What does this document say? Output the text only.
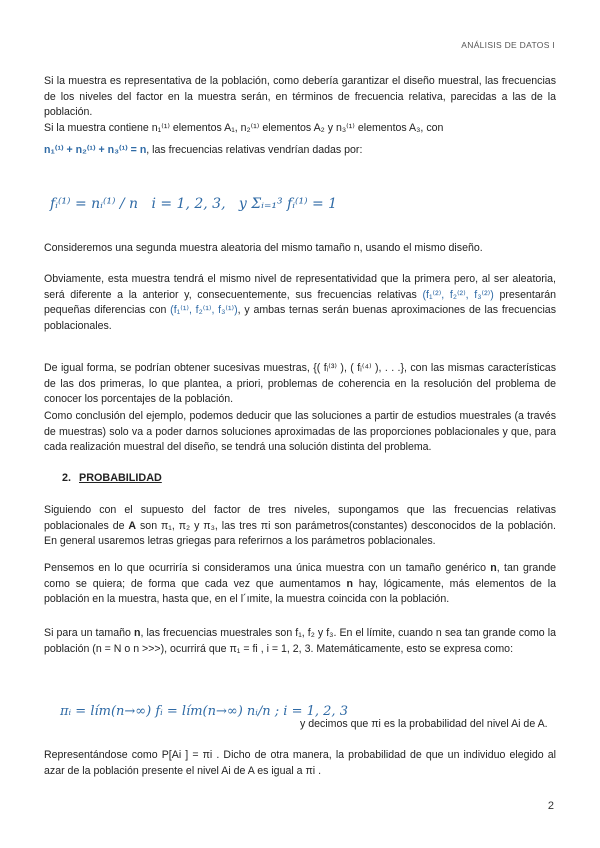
ANÁLISIS DE DATOS I

Si la muestra es representativa de la población, como debería garantizar el diseño muestral, las frecuencias de los niveles del factor en la muestra serán, en términos de frecuencia relativa, parecidas a las de la población.

Si la muestra contiene n₁⁽¹⁾ elementos A₁, n₂⁽¹⁾ elementos A₂ y n₃⁽¹⁾ elementos A₃, con

n₁⁽¹⁾ + n₂⁽¹⁾ + n₃⁽¹⁾ = n, las frecuencias relativas vendrían dadas por:

fᵢ⁽¹⁾ = nᵢ⁽¹⁾ / n i = 1, 2, 3, y Σᵢ₌₁³ fᵢ⁽¹⁾ = 1

Consideremos una segunda muestra aleatoria del mismo tamaño n, usando el mismo diseño.

Obviamente, esta muestra tendrá el mismo nivel de representatividad que la primera pero, al ser aleatoria, será diferente a la anterior y, consecuentemente, sus frecuencias relativas (f₁⁽²⁾, f₂⁽²⁾, f₃⁽²⁾) presentarán pequeñas diferencias con (f₁⁽¹⁾, f₂⁽¹⁾, f₃⁽¹⁾), y ambas ternas serán buenas aproximaciones de las frecuencias poblacionales.

De igual forma, se podrían obtener sucesivas muestras, {( fᵢ⁽³⁾ ), ( fᵢ⁽⁴⁾ ), . . .}, con las mismas características de las dos primeras, lo que plantea, a priori, problemas de coherencia en la resolución del problema de conocer los porcentajes de la población.

Como conclusión del ejemplo, podemos deducir que las soluciones a partir de estudios muestrales (a través de muestras) solo va a poder darnos soluciones aproximadas de las proporciones poblacionales y que, para cada realización muestral del diseño, se tendrá una solución distinta del problema.

2. PROBABILIDAD

Siguiendo con el supuesto del factor de tres niveles, supongamos que las frecuencias relativas poblacionales de A son π₁, π₂ y π₃, las tres πi son parámetros(constantes) desconocidos de la población. En general usaremos letras griegas para referirnos a los parámetros poblacionales.

Pensemos en lo que ocurriría si consideramos una única muestra con un tamaño genérico n, tan grande como se quiera; de forma que cada vez que aumentamos n hay, lógicamente, más elementos de la población en la muestra, hasta que, en el l´ımite, la muestra coincida con la población.

Si para un tamaño n, las frecuencias muestrales son f₁, f₂ y f₃. En el límite, cuando n sea tan grande como la población (n = N o n >>>), ocurrirá que π₁ = fi , i = 1, 2, 3. Matemáticamente, esto se expresa como:

πᵢ = lím(n→∞) fᵢ = lím(n→∞) nᵢ/n ; i = 1, 2, 3
y decimos que πi es la probabilidad del nivel Ai de A.

Representándose como P[Ai ] = πi . Dicho de otra manera, la probabilidad de que un individuo elegido al azar de la población presente el nivel Ai de A es igual a πi .

2
